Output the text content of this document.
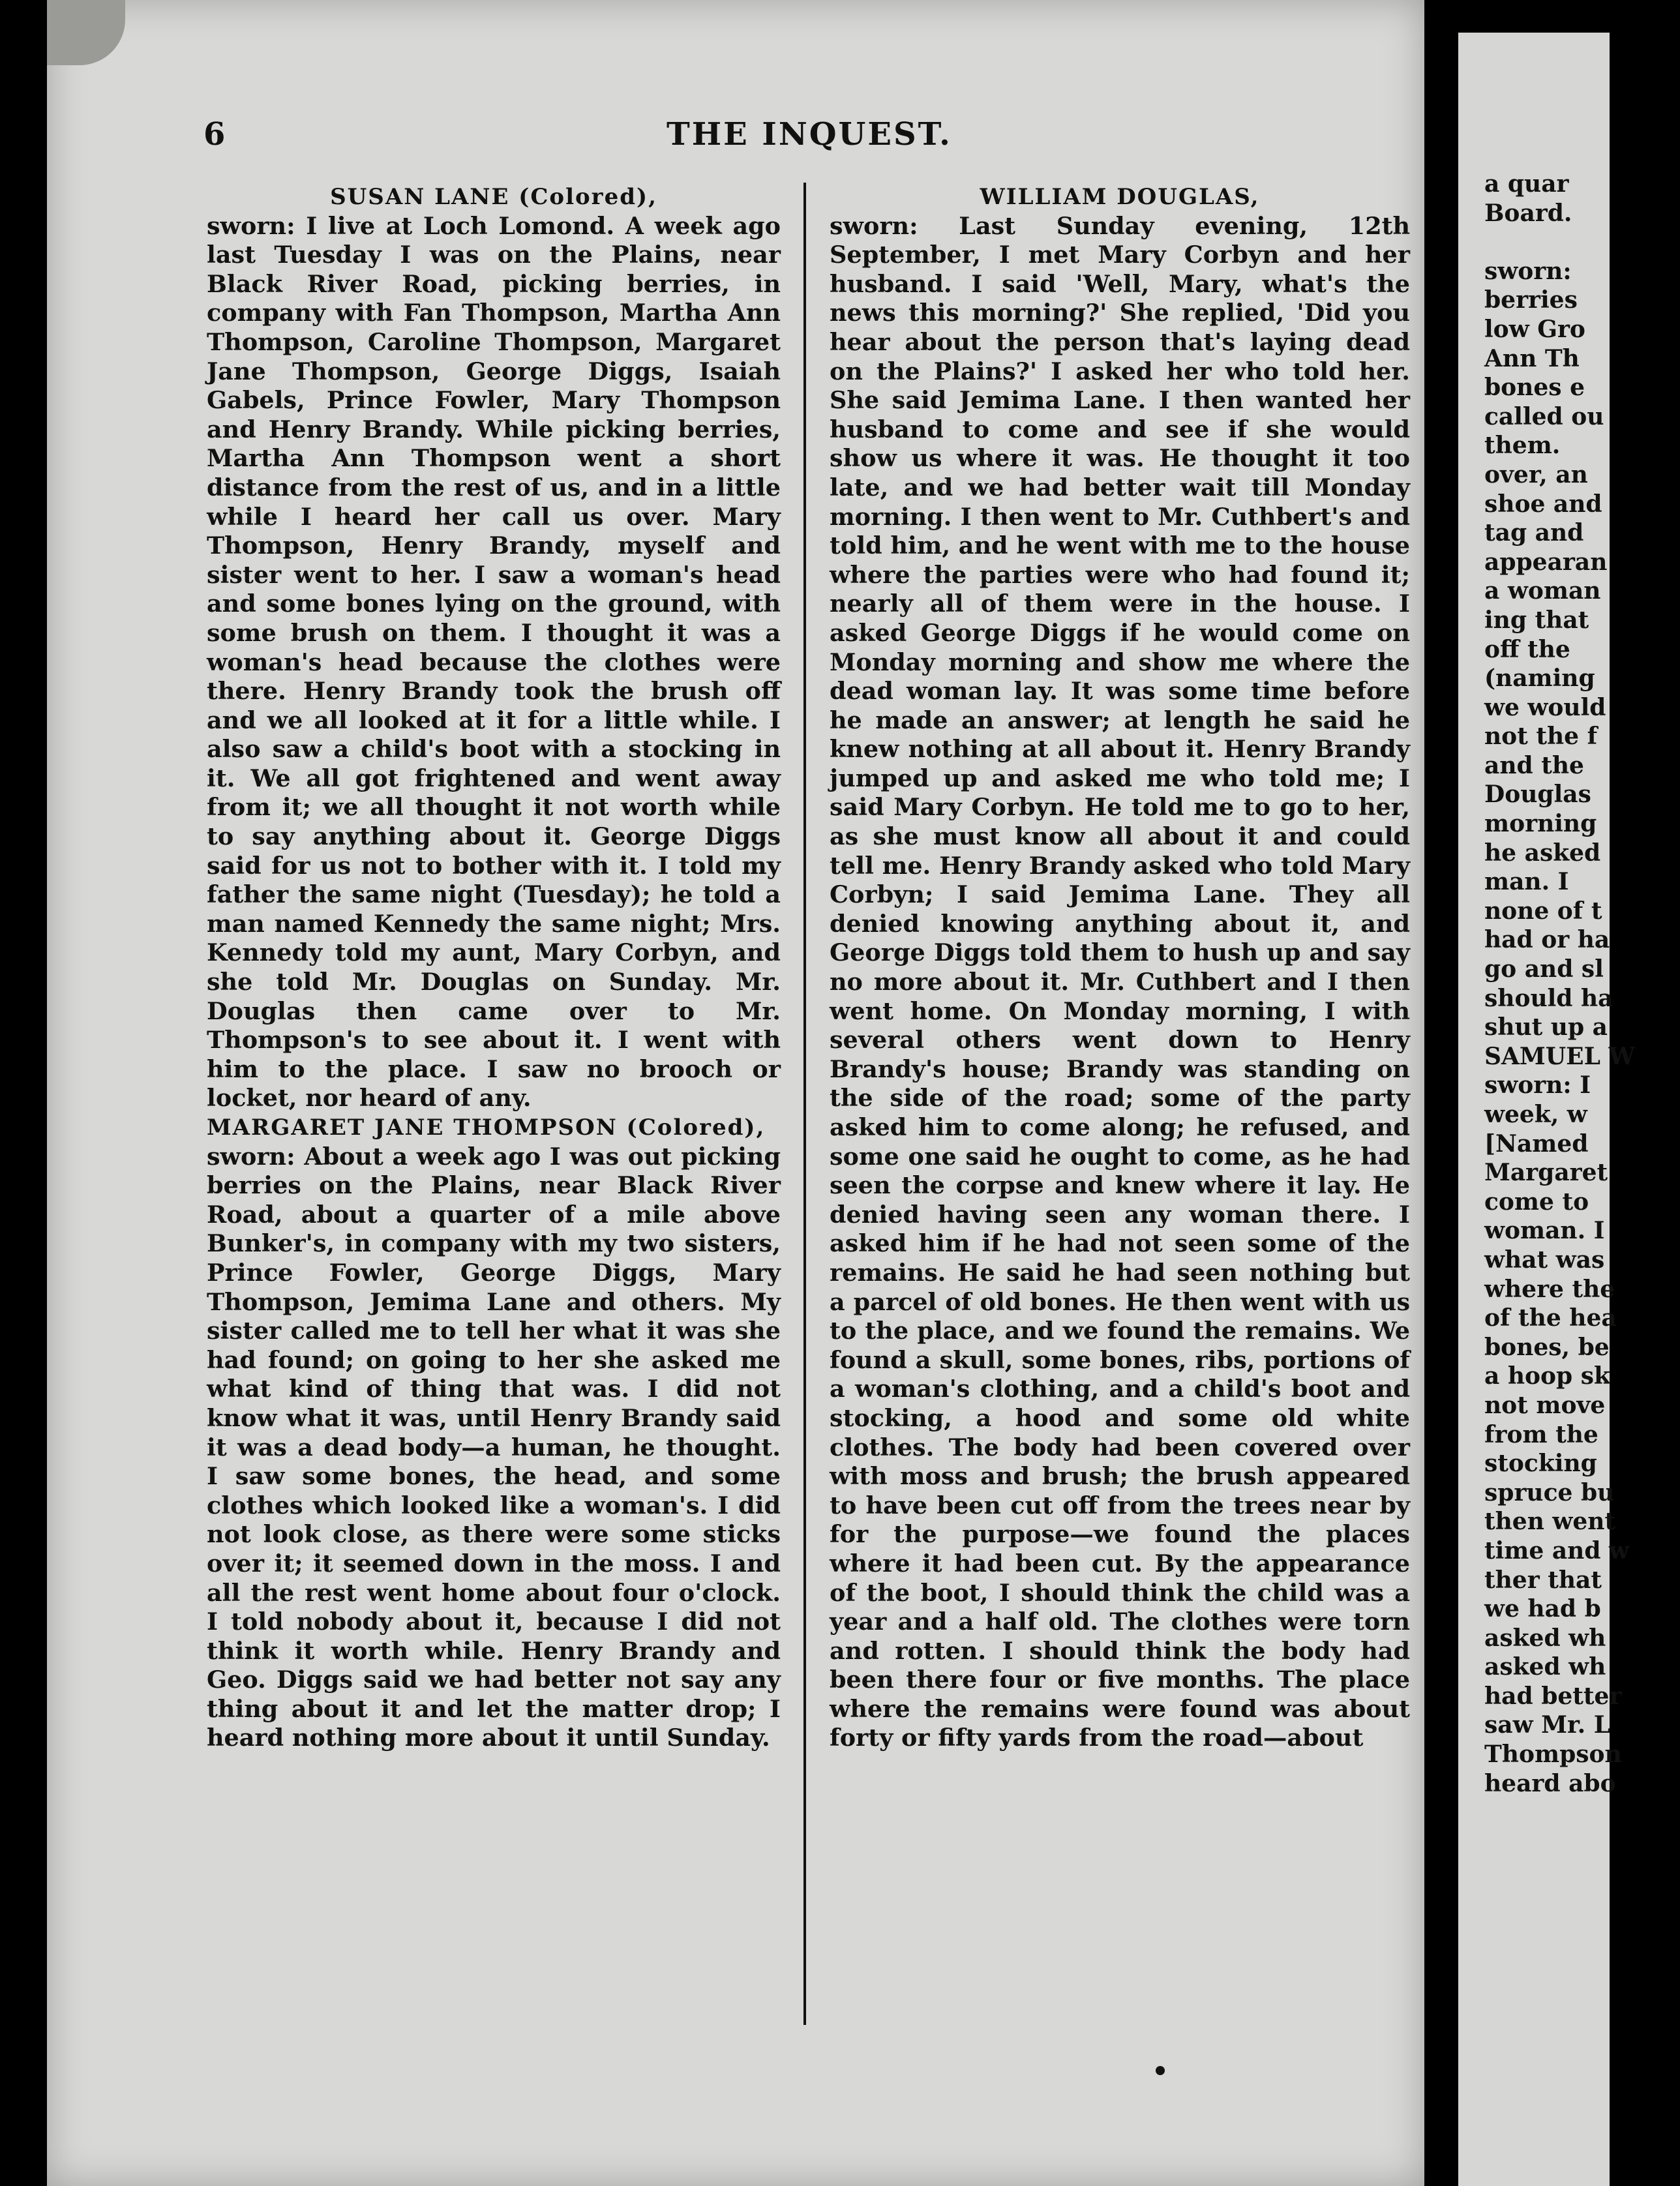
6	THE INQUEST.

SUSAN LANE (Colored),

sworn: I live at Loch Lomond. A week ago last Tuesday I was on the Plains, near Black River Road, picking berries, in company with Fan Thompson, Martha Ann Thompson, Caroline Thompson, Margaret Jane Thompson, George Diggs, Isaiah Gabels, Prince Fowler, Mary Thompson and Henry Brandy. While picking berries, Martha Ann Thompson went a short distance from the rest of us, and in a little while I heard her call us over. Mary Thompson, Henry Brandy, myself and sister went to her. I saw a woman's head and some bones lying on the ground, with some brush on them. I thought it was a woman's head because the clothes were there. Henry Brandy took the brush off and we all looked at it for a little while. I also saw a child's boot with a stocking in it. We all got frightened and went away from it; we all thought it not worth while to say anything about it. George Diggs said for us not to bother with it. I told my father the same night (Tuesday); he told a man named Kennedy the same night; Mrs. Kennedy told my aunt, Mary Corbyn, and she told Mr. Douglas on Sunday. Mr. Douglas then came over to Mr. Thompson's to see about it. I went with him to the place. I saw no brooch or locket, nor heard of any.

MARGARET JANE THOMPSON (Colored),

sworn: About a week ago I was out picking berries on the Plains, near Black River Road, about a quarter of a mile above Bunker's, in company with my two sisters, Prince Fowler, George Diggs, Mary Thompson, Jemima Lane and others. My sister called me to tell her what it was she had found; on going to her she asked me what kind of thing that was. I did not know what it was, until Henry Brandy said it was a dead body—a human, he thought. I saw some bones, the head, and some clothes which looked like a woman's. I did not look close, as there were some sticks over it; it seemed down in the moss. I and all the rest went home about four o'clock. I told nobody about it, because I did not think it worth while. Henry Brandy and Geo. Diggs said we had better not say any thing about it and let the matter drop; I heard nothing more about it until Sunday.

WILLIAM DOUGLAS,

sworn: Last Sunday evening, 12th September, I met Mary Corbyn and her husband. I said 'Well, Mary, what's the news this morning?' She replied, 'Did you hear about the person that's laying dead on the Plains?' I asked her who told her. She said Jemima Lane. I then wanted her husband to come and see if she would show us where it was. He thought it too late, and we had better wait till Monday morning. I then went to Mr. Cuthbert's and told him, and he went with me to the house where the parties were who had found it; nearly all of them were in the house. I asked George Diggs if he would come on Monday morning and show me where the dead woman lay. It was some time before he made an answer; at length he said he knew nothing at all about it. Henry Brandy jumped up and asked me who told me; I said Mary Corbyn. He told me to go to her, as she must know all about it and could tell me. Henry Brandy asked who told Mary Corbyn; I said Jemima Lane. They all denied knowing anything about it, and George Diggs told them to hush up and say no more about it. Mr. Cuthbert and I then went home. On Monday morning, I with several others went down to Henry Brandy's house; Brandy was standing on the side of the road; some of the party asked him to come along; he refused, and some one said he ought to come, as he had seen the corpse and knew where it lay. He denied having seen any woman there. I asked him if he had not seen some of the remains. He said he had seen nothing but a parcel of old bones. He then went with us to the place, and we found the remains. We found a skull, some bones, ribs, portions of a woman's clothing, and a child's boot and stocking, a hood and some old white clothes. The body had been covered over with moss and brush; the brush appeared to have been cut off from the trees near by for the purpose—we found the places where it had been cut. By the appearance of the boot, I should think the child was a year and a half old. The clothes were torn and rotten. I should think the body had been there four or five months. The place where the remains were found was about forty or fifty yards from the road—about

a quar
Board.

sworn:
berries
low Gro
Ann Th
bones e
called ou
them.
over, an
shoe and
tag and
appearan
a woman
ing that
off the
(naming
we would
not the f
and the
Douglas
morning
he asked
man. I
none of t
had or ha
go and sl
should ha
shut up a
SAMUEL W
sworn: I
week, w
[Named
Margaret
come to
woman. I
what was
where the
of the hea
bones, be
a hoop sk
not move
from the
stocking
spruce bu
then went
time and w
ther that
we had b
asked wh
asked wh
had better
saw Mr. L
Thompson
heard abo
